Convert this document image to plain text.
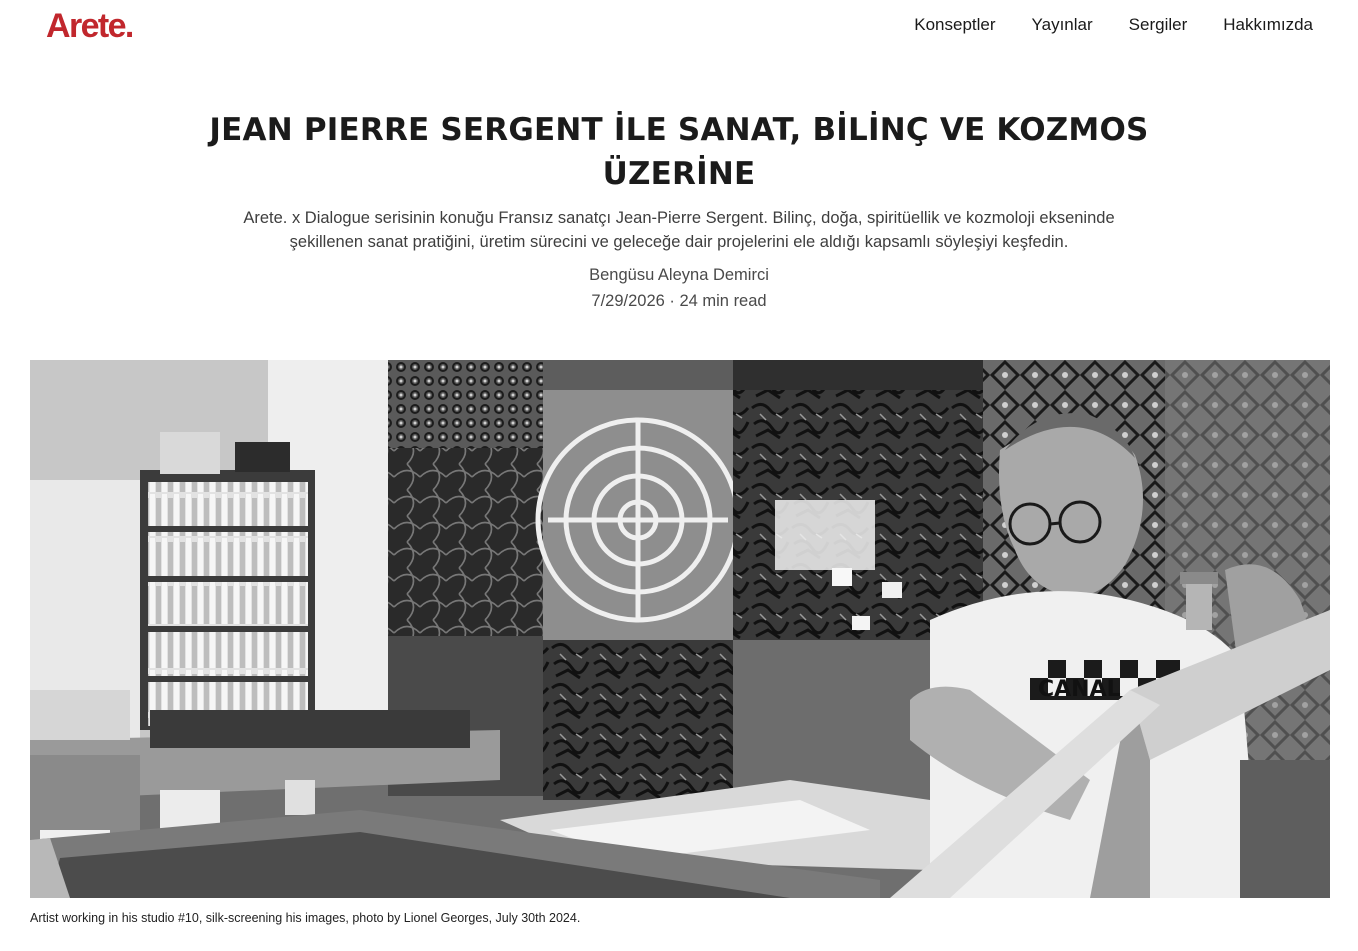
Arete.	Konseptler Yayınlar Sergiler Hakkımızda
JEAN PIERRE SERGENT İLE SANAT, BİLİNÇ VE KOZMOS ÜZERİNE

Arete. x Dialogue serisinin konuğu Fransız sanatçı Jean-Pierre Sergent. Bilinç, doğa, spiritüellik ve kozmoloji ekseninde şekillenen sanat pratiğini, üretim sürecini ve geleceğe dair projelerini ele aldığı kapsamlı söyleşiyi keşfedin.

Bengüsu Aleyna Demirci
7/29/2026 · 24 min read
CANAL
Artist working in his studio #10, silk-screening his images, photo by Lionel Georges, July 30th 2024.
